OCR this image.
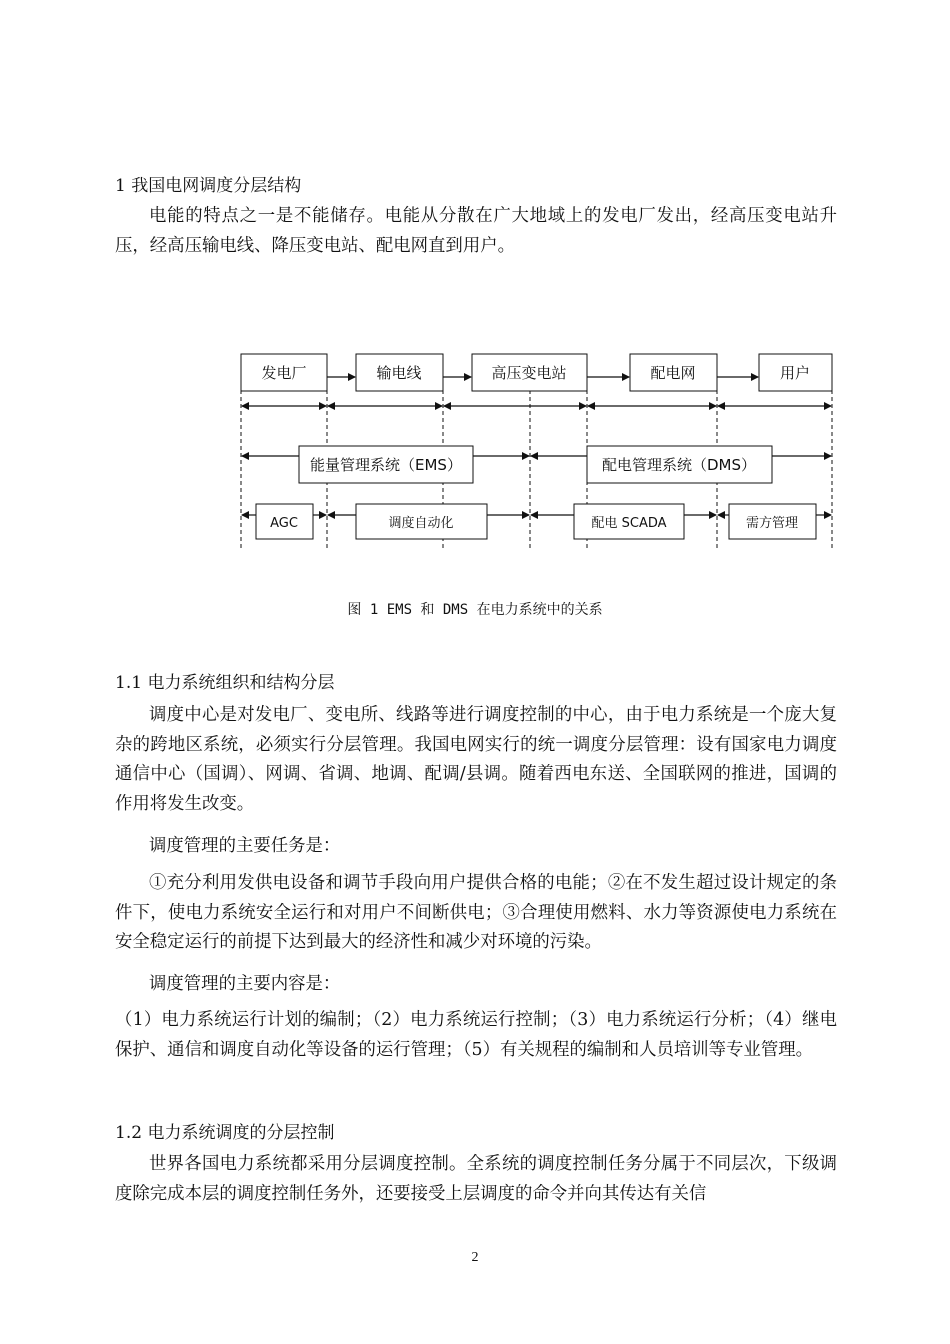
1 我国电网调度分层结构
电能的特点之一是不能储存。电能从分散在广大地域上的发电厂发出，经高压变电站升压，经高压输电线、降压变电站、配电网直到用户。
发电厂	输电线	高压变电站	配电网	用户
能量管理系统（EMS）	配电管理系统（DMS）
AGC	调度自动化	配电 SCADA	需方管理
图 1 EMS 和 DMS 在电力系统中的关系
1.1 电力系统组织和结构分层
调度中心是对发电厂、变电所、线路等进行调度控制的中心，由于电力系统是一个庞大复杂的跨地区系统，必须实行分层管理。我国电网实行的统一调度分层管理：设有国家电力调度通信中心（国调）、网调、省调、地调、配调/县调。随着西电东送、全国联网的推进，国调的作用将发生改变。
调度管理的主要任务是：
①充分利用发供电设备和调节手段向用户提供合格的电能；②在不发生超过设计规定的条件下，使电力系统安全运行和对用户不间断供电；③合理使用燃料、水力等资源使电力系统在安全稳定运行的前提下达到最大的经济性和减少对环境的污染。
调度管理的主要内容是：
（1）电力系统运行计划的编制；（2）电力系统运行控制；（3）电力系统运行分析；（4）继电保护、通信和调度自动化等设备的运行管理；（5）有关规程的编制和人员培训等专业管理。
1.2 电力系统调度的分层控制
世界各国电力系统都采用分层调度控制。全系统的调度控制任务分属于不同层次，下级调度除完成本层的调度控制任务外，还要接受上层调度的命令并向其传达有关信
2
